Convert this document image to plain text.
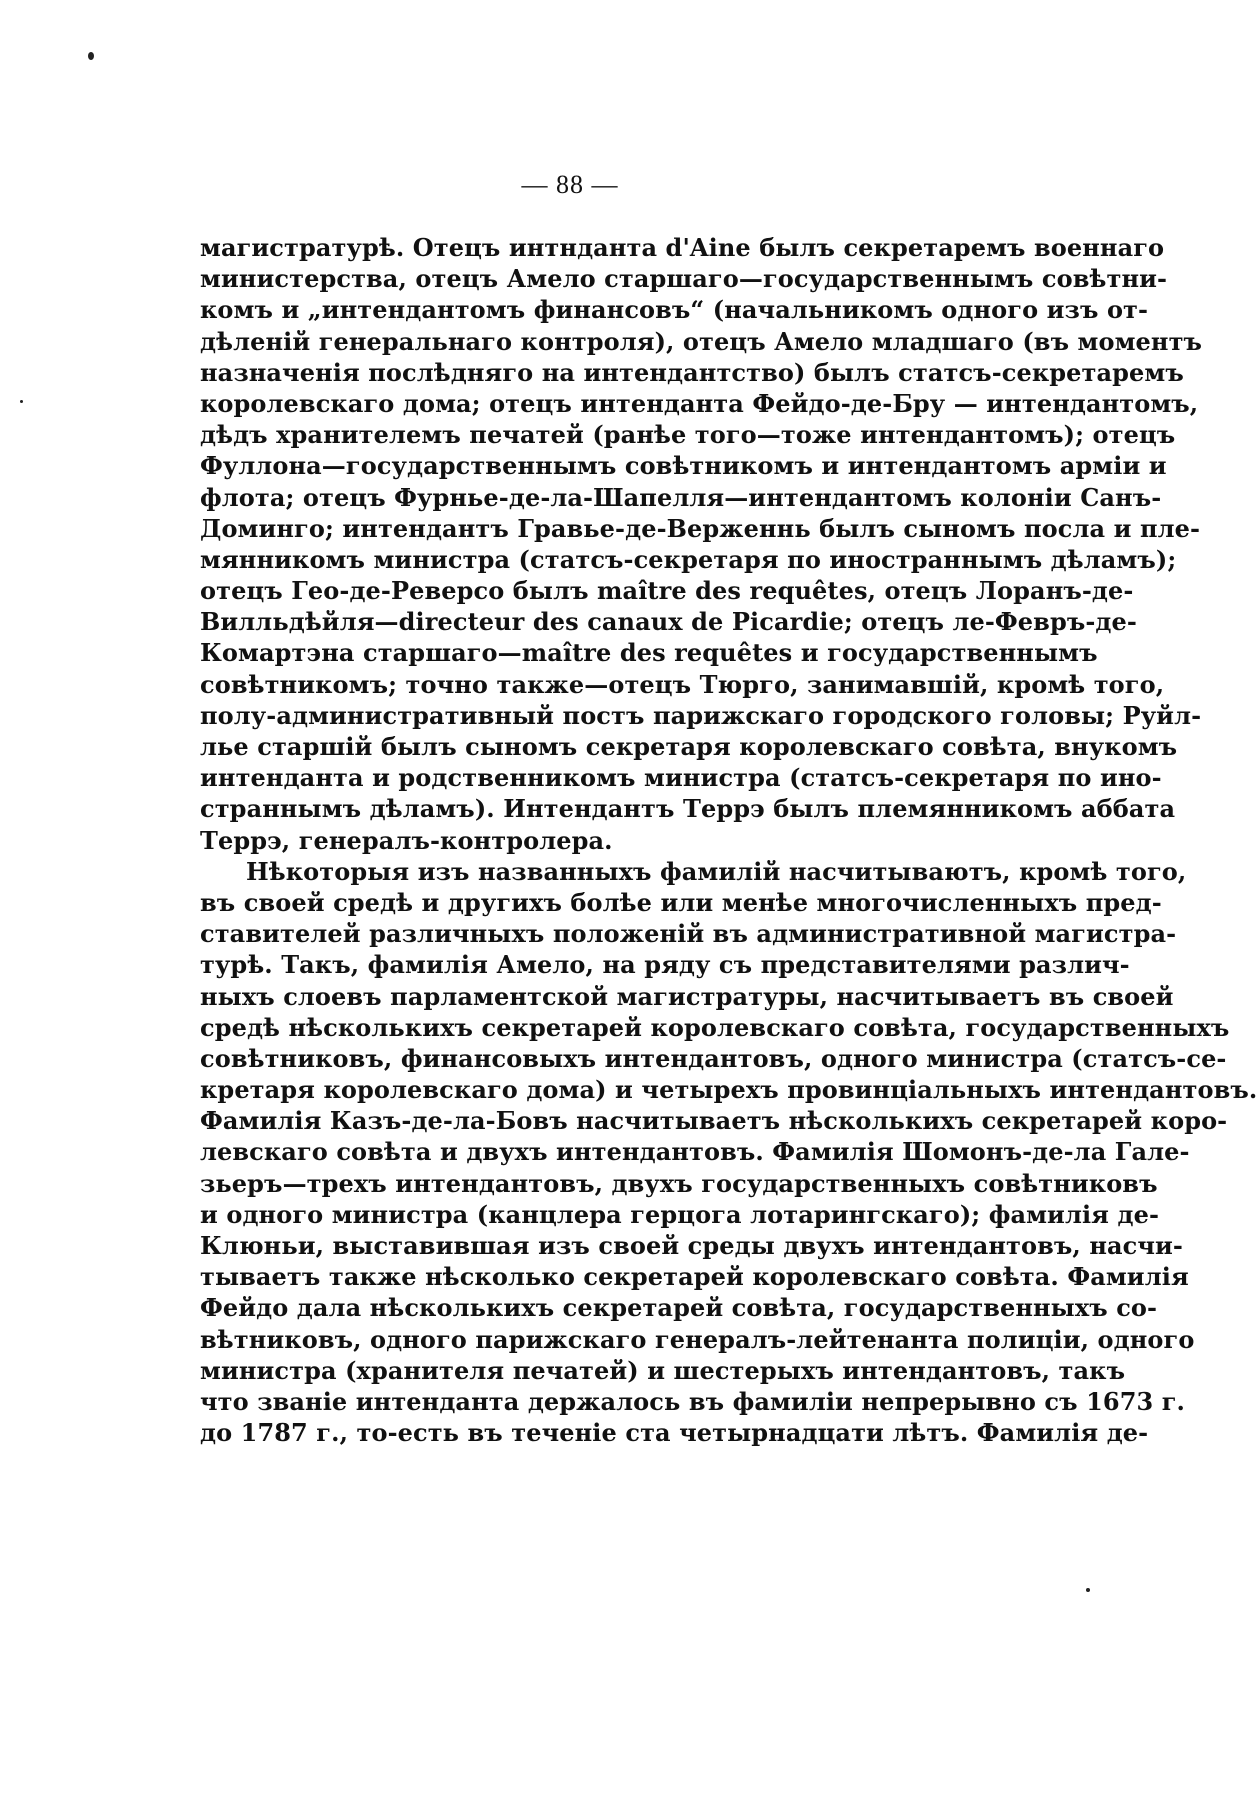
— 88 —
магистратурѣ. Отецъ интнданта d'Aine былъ секретаремъ военнаго
министерства, отецъ Амело старшаго—государственнымъ совѣтни-
комъ и „интендантомъ финансовъ“ (начальникомъ одного изъ от-
дѣленій генеральнаго контроля), отецъ Амело младшаго (въ моментъ
назначенія послѣдняго на интендантство) былъ статсъ-секретаремъ
королевскаго дома; отецъ интенданта Фейдо-де-Бру — интендантомъ,
дѣдъ хранителемъ печатей (ранѣе того—тоже интендантомъ); отецъ
Фуллона—государственнымъ совѣтникомъ и интендантомъ арміи и
флота; отецъ Фурнье-де-ла-Шапелля—интендантомъ колоніи Санъ-
Доминго; интендантъ Гравье-де-Верженнь былъ сыномъ посла и пле-
мянникомъ министра (статсъ-секретаря по иностраннымъ дѣламъ);
отецъ Гео-де-Реверсо былъ maître des requêtes, отецъ Лоранъ-де-
Вилльдѣйля—directeur des canaux de Picardie; отецъ ле-Февръ-де-
Комартэна старшаго—maître des requêtes и государственнымъ
совѣтникомъ; точно также—отецъ Тюрго, занимавшій, кромѣ того,
полу-административный постъ парижскаго городского головы; Руйл-
лье старшій былъ сыномъ секретаря королевскаго совѣта, внукомъ
интенданта и родственникомъ министра (статсъ-секретаря по ино-
страннымъ дѣламъ). Интендантъ Террэ былъ племянникомъ аббата
Террэ, генералъ-контролера.
Нѣкоторыя изъ названныхъ фамилій насчитываютъ, кромѣ того,
въ своей средѣ и другихъ болѣе или менѣе многочисленныхъ пред-
ставителей различныхъ положеній въ административной магистра-
турѣ. Такъ, фамилія Амело, на ряду съ представителями различ-
ныхъ слоевъ парламентской магистратуры, насчитываетъ въ своей
средѣ нѣсколькихъ секретарей королевскаго совѣта, государственныхъ
совѣтниковъ, финансовыхъ интендантовъ, одного министра (статсъ-се-
кретаря королевскаго дома) и четырехъ провинціальныхъ интендантовъ.
Фамилія Казъ-де-ла-Бовъ насчитываетъ нѣсколькихъ секретарей коро-
левскаго совѣта и двухъ интендантовъ. Фамилія Шомонъ-де-ла Гале-
зьеръ—трехъ интендантовъ, двухъ государственныхъ совѣтниковъ
и одного министра (канцлера герцога лотарингскаго); фамилія де-
Клюньи, выставившая изъ своей среды двухъ интендантовъ, насчи-
тываетъ также нѣсколько секретарей королевскаго совѣта. Фамилія
Фейдо дала нѣсколькихъ секретарей совѣта, государственныхъ со-
вѣтниковъ, одного парижскаго генералъ-лейтенанта полиціи, одного
министра (хранителя печатей) и шестерыхъ интендантовъ, такъ
что званіе интенданта держалось въ фамиліи непрерывно съ 1673 г.
до 1787 г., то-есть въ теченіе ста четырнадцати лѣтъ. Фамилія де-
